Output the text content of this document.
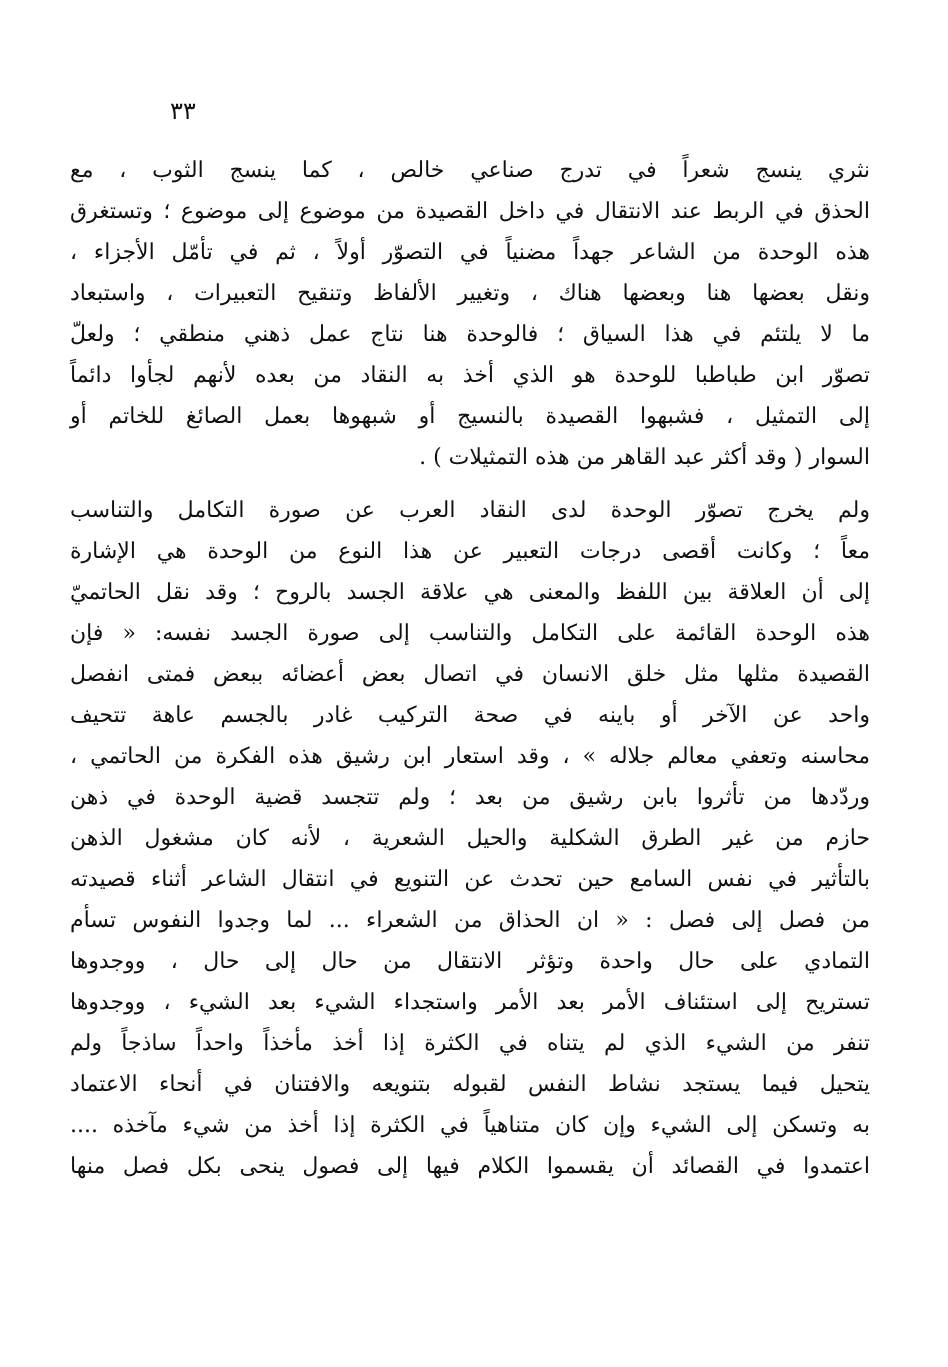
٣٣
نثري ينسج شعراً في تدرج صناعي خالص ، كما ينسج الثوب ، مع
الحذق في الربط عند الانتقال في داخل القصيدة من موضوع إلى موضوع ؛ وتستغرق
هذه الوحدة من الشاعر جهداً مضنياً في التصوّر أولاً ، ثم في تأمّل الأجزاء ،
ونقل بعضها هنا وبعضها هناك ، وتغيير الألفاظ وتنقيح التعبيرات ، واستبعاد
ما لا يلتئم في هذا السياق ؛ فالوحدة هنا نتاج عمل ذهني منطقي ؛ ولعلّ
تصوّر ابن طباطبا للوحدة هو الذي أخذ به النقاد من بعده لأنهم لجأوا دائماً
إلى التمثيل ، فشبهوا القصيدة بالنسيج أو شبهوها بعمل الصائغ للخاتم أو
السوار ( وقد أكثر عبد القاهر من هذه التمثيلات ) .
ولم يخرج تصوّر الوحدة لدى النقاد العرب عن صورة التكامل والتناسب
معاً ؛ وكانت أقصى درجات التعبير عن هذا النوع من الوحدة هي الإشارة
إلى أن العلاقة بين اللفظ والمعنى هي علاقة الجسد بالروح ؛ وقد نقل الحاتميّ
هذه الوحدة القائمة على التكامل والتناسب إلى صورة الجسد نفسه: « فإن
القصيدة مثلها مثل خلق الانسان في اتصال بعض أعضائه ببعض فمتى انفصل
واحد عن الآخر أو باينه في صحة التركيب غادر بالجسم عاهة تتحيف
محاسنه وتعفي معالم جلاله » ، وقد استعار ابن رشيق هذه الفكرة من الحاتمي ،
وردّدها من تأثروا بابن رشيق من بعد ؛ ولم تتجسد قضية الوحدة في ذهن
حازم من غير الطرق الشكلية والحيل الشعرية ، لأنه كان مشغول الذهن
بالتأثير في نفس السامع حين تحدث عن التنويع في انتقال الشاعر أثناء قصيدته
من فصل إلى فصل : « ان الحذاق من الشعراء ... لما وجدوا النفوس تسأم
التمادي على حال واحدة وتؤثر الانتقال من حال إلى حال ، ووجدوها
تستريح إلى استئناف الأمر بعد الأمر واستجداء الشيء بعد الشيء ، ووجدوها
تنفر من الشيء الذي لم يتناه في الكثرة إذا أخذ مأخذاً واحداً ساذجاً ولم
يتحيل فيما يستجد نشاط النفس لقبوله بتنويعه والافتنان في أنحاء الاعتماد
به وتسكن إلى الشيء وإن كان متناهياً في الكثرة إذا أخذ من شيء مآخذه ....
اعتمدوا في القصائد أن يقسموا الكلام فيها إلى فصول ينحى بكل فصل منها
